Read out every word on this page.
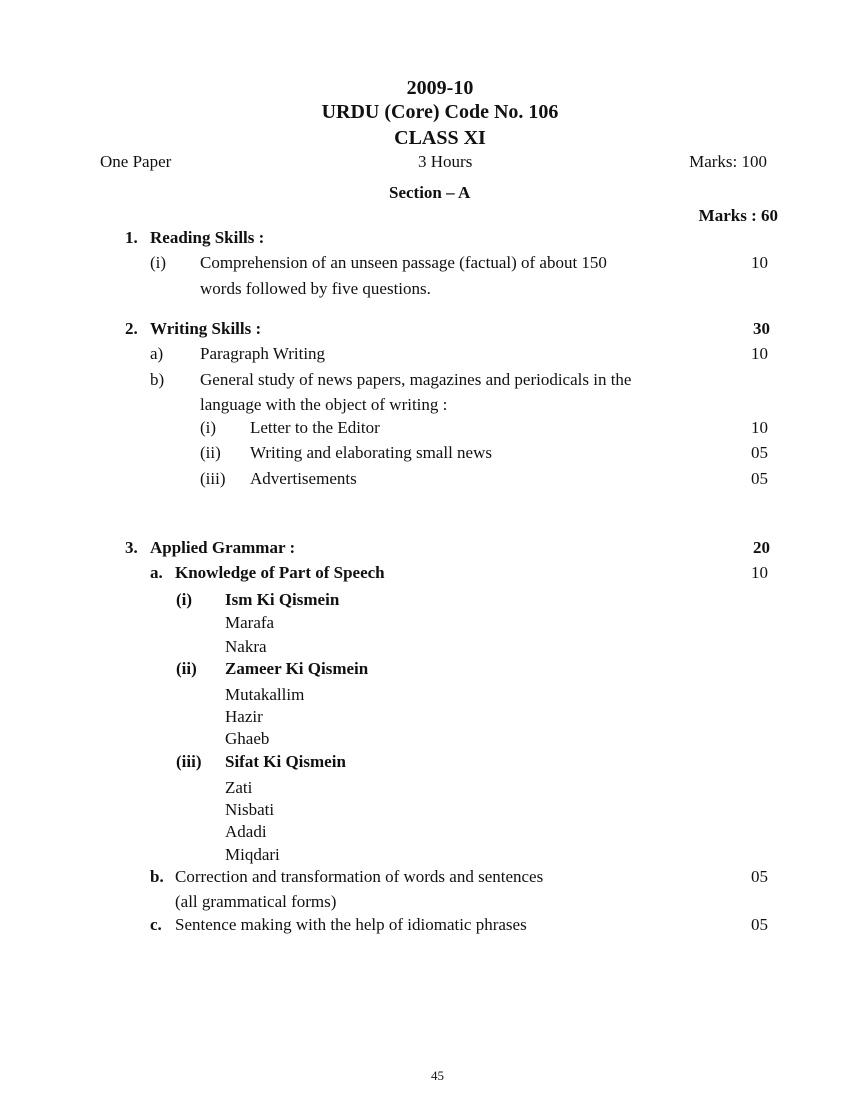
2009-10
URDU (Core) Code No. 106
CLASS XI
One Paper	3 Hours	Marks: 100
Section – A
Marks : 60
1. Reading Skills :
(i) Comprehension of an unseen passage (factual) of about 150	10
words followed by five questions.
2. Writing Skills :	30
a) Paragraph Writing	10
b) General study of news papers, magazines and periodicals in the
language with the object of writing :
(i) Letter to the Editor	10
(ii) Writing and elaborating small news	05
(iii) Advertisements	05
3. Applied Grammar :	20
a. Knowledge of Part of Speech	10
(i) Ism Ki Qismein
Marafa
Nakra
(ii) Zameer Ki Qismein
Mutakallim
Hazir
Ghaeb
(iii) Sifat Ki Qismein
Zati
Nisbati
Adadi
Miqdari
b. Correction and transformation of words and sentences	05
(all grammatical forms)
c. Sentence making with the help of idiomatic phrases	05
45
